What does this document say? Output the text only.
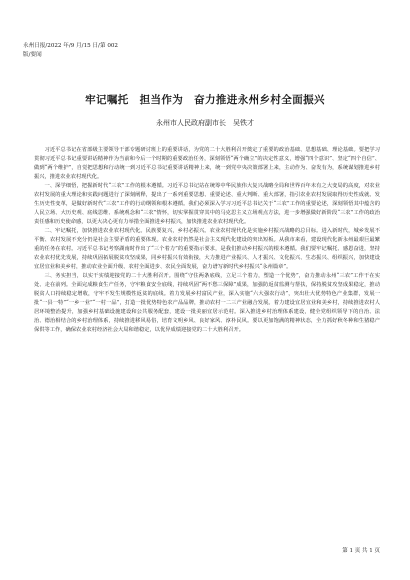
永州日报/2022 年/9 月/15 日/第 002
版/要闻
牢记嘱托　担当作为　奋力推进永州乡村全面振兴
永州市人民政府副市长　吴铁才

习近平总书记在省部级主要领导干部专题研讨班上的重要讲话，为党的二十大胜利召开奠定了重要的政治基础、思想基础、理论基础。要把学习贯彻习近平总书记重要讲话精神作为当前和今后一个时期的重要政治任务，深刻领悟“两个确立”的决定性意义，增强“四个意识”、坚定“四个自信”、做到“两个维护”，自觉把思想和行动统一到习近平总书记重要讲话精神上来，统一到党中央决策部署上来，主动作为、奋发有为，系统谋划推进乡村振兴，推进农业农村现代化。

一、深学细悟，把握新时代“三农”工作的根本遵循。习近平总书记站在统筹中华民族伟大复兴战略全局和世界百年未有之大变局的高度，对农业农村发展的重大理论和实践问题进行了深刻阐释，提出了一系列重要思想、重要论述、重大判断、重大部署，指引农业农村发展取得历史性成就、发生历史性变革，是做好新时代“三农”工作的行动纲领和根本遵循。我们必须深入学习习近平总书记关于“三农”工作的重要论述，深刻领悟其中蕴含的人民立场、大历史观、底线思维、系统观念和“三农”情怀，切实掌握贯穿其中的马克思主义立场观点方法，进一步增强做好新阶段“三农”工作的政治责任感和历史使命感，以更大决心更有力举措全面推进乡村振兴，加快推进农业农村现代化。

二、牢记嘱托，加快推进农业农村现代化。民族要复兴，乡村必振兴。农业农村现代化是实施乡村振兴战略的总目标。进入新时代，城乡发展不平衡、农村发展不充分仍是社会主要矛盾的重要体现。农业农村仍然是社会主义现代化建设的突出短板。从我市来看，建设现代化新永州最艰巨最繁重的任务在农村。习近平总书记考察湖南时作出了“三个着力”的重要指示要求，是我们推动乡村振兴的根本遵循。我们要牢记嘱托、感恩奋进，坚持农业农村优先发展，持续巩固拓展脱贫攻坚成果，同乡村振兴有效衔接，大力推进产业振兴、人才振兴、文化振兴、生态振兴、组织振兴，加快建设宜居宜业和美乡村，推动农业全面升级、农村全面进步、农民全面发展，奋力谱写新时代乡村振兴“永州篇章”。

三、务实担当，以实干实绩迎接党的二十大胜利召开。围绕“守住两条底线，立足三个着力，塑造一个优势”，奋力推动永州“三农”工作干在实处、走在前列。全面完成粮食生产任务，守牢粮食安全底线，持续巩固“两不愁三保障”成果，加强防返贫监测与帮扶，保持脱贫攻坚成果稳定，推动脱贫人口持续稳定增收，守牢不发生规模性返贫的底线。着力发展乡村富民产业，深入实施“六大强农行动”，突出壮大优势特色产业集群，发展一批“一县一特”“一乡一业”“一村一品”，打造一批优势特色农产品品牌，推动农村一二三产业融合发展。着力建设宜居宜业和美乡村，持续推进农村人居环境整治提升，加强乡村基础设施建设和公共服务配套，建设一批美丽宜居示范村。深入推进乡村治理体系建设，健全党组织领导下的自治、法治、德治相结合的乡村治理体系，持续推进移风易俗，培育文明乡风、良好家风、淳朴民风。要以更加饱满的精神状态，全力抓好秋冬种和生猪稳产保供等工作，确保农业农村经济社会大局和谐稳定，以优异成绩迎接党的二十大胜利召开。

第 1 页 共 1 页
